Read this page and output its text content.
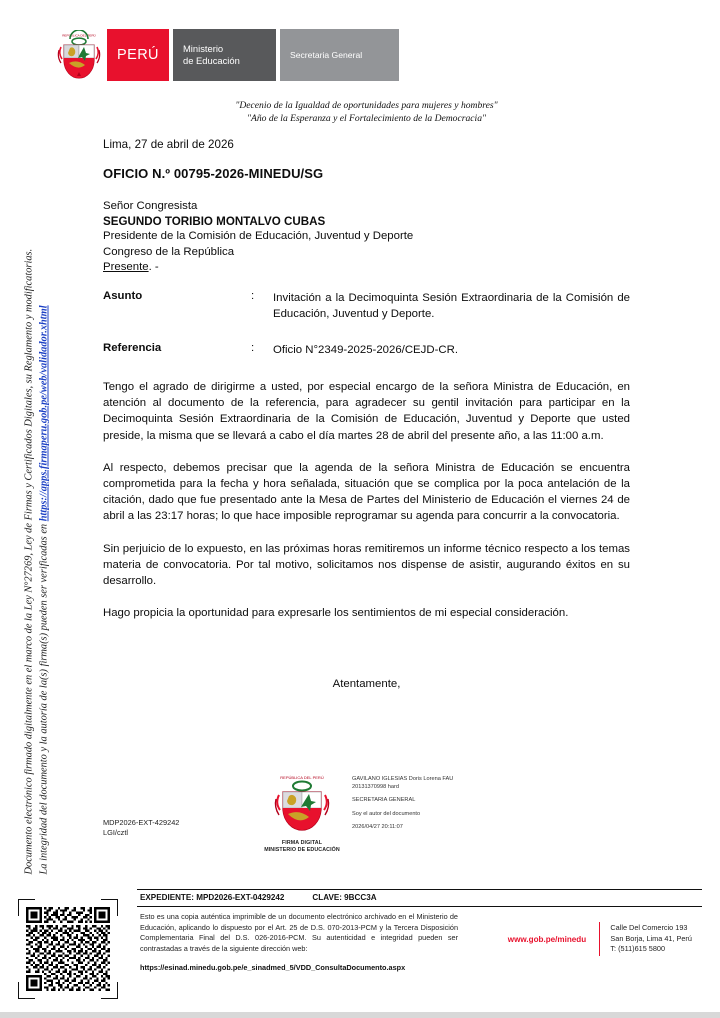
Documento electrónico firmado digitalmente en el marco de la Ley N°27269, Ley de Firmas y Certificados Digitales, su Reglamento y modificatorias. La integridad del documento y la autoría de la(s) firma(s) pueden ser verificadas en https://apps.firmaperu.gob.pe/web/validador.xhtml
REPÚBLICA DEL PERÚ
PERÚ	Ministerio
de Educación	Secretaria General
"Decenio de la Igualdad de oportunidades para mujeres y hombres"
"Año de la Esperanza y el Fortalecimiento de la Democracia"
Lima, 27 de abril de 2026
OFICIO N.º 00795-2026-MINEDU/SG
Señor Congresista
SEGUNDO TORIBIO MONTALVO CUBAS
Presidente de la Comisión de Educación, Juventud y Deporte
Congreso de la República
Presente. -
Asunto	:	Invitación a la Decimoquinta Sesión Extraordinaria de la Comisión de Educación, Juventud y Deporte.
Referencia	:	Oficio N°2349-2025-2026/CEJD-CR.

Tengo el agrado de dirigirme a usted, por especial encargo de la señora Ministra de Educación, en atención al documento de la referencia, para agradecer su gentil invitación para participar en la Decimoquinta Sesión Extraordinaria de la Comisión de Educación, Juventud y Deporte que usted preside, la misma que se llevará a cabo el día martes 28 de abril del presente año, a las 11:00 a.m.

Al respecto, debemos precisar que la agenda de la señora Ministra de Educación se encuentra comprometida para la fecha y hora señalada, situación que se complica por la poca antelación de la citación, dado que fue presentado ante la Mesa de Partes del Ministerio de Educación el viernes 24 de abril a las 23:17 horas; lo que hace imposible reprogramar su agenda para concurrir a la convocatoria.

Sin perjuicio de lo expuesto, en las próximas horas remitiremos un informe técnico respecto a los temas materia de convocatoria. Por tal motivo, solicitamos nos dispense de asistir, augurando éxitos en su desarrollo.

Hago propicia la oportunidad para expresarle los sentimientos de mi especial consideración.

Atentamente,
REPÚBLICA DEL PERÚ
FIRMA DIGITAL
MINISTERIO DE EDUCACIÓN

GAVILANO IGLESIAS Doris Lorena FAU 20131370998 hard

SECRETARIA GENERAL

Soy el autor del documento

2026/04/27 20:11:07

MDP2026-EXT-429242
LGI/cztl
EXPEDIENTE: MPD2026-EXT-0429242	CLAVE: 9BCC3A
Esto es una copia auténtica imprimible de un documento electrónico archivado en el Ministerio de Educación, aplicando lo dispuesto por el Art. 25 de D.S. 070-2013-PCM y la Tercera Disposición Complementaria Final del D.S. 026-2016-PCM. Su autenticidad e integridad pueden ser contrastadas a través de la siguiente dirección web:
https://esinad.minedu.gob.pe/e_sinadmed_5/VDD_ConsultaDocumento.aspx
www.gob.pe/minedu
Calle Del Comercio 193
San Borja, Lima 41, Perú
T: (511)615 5800
